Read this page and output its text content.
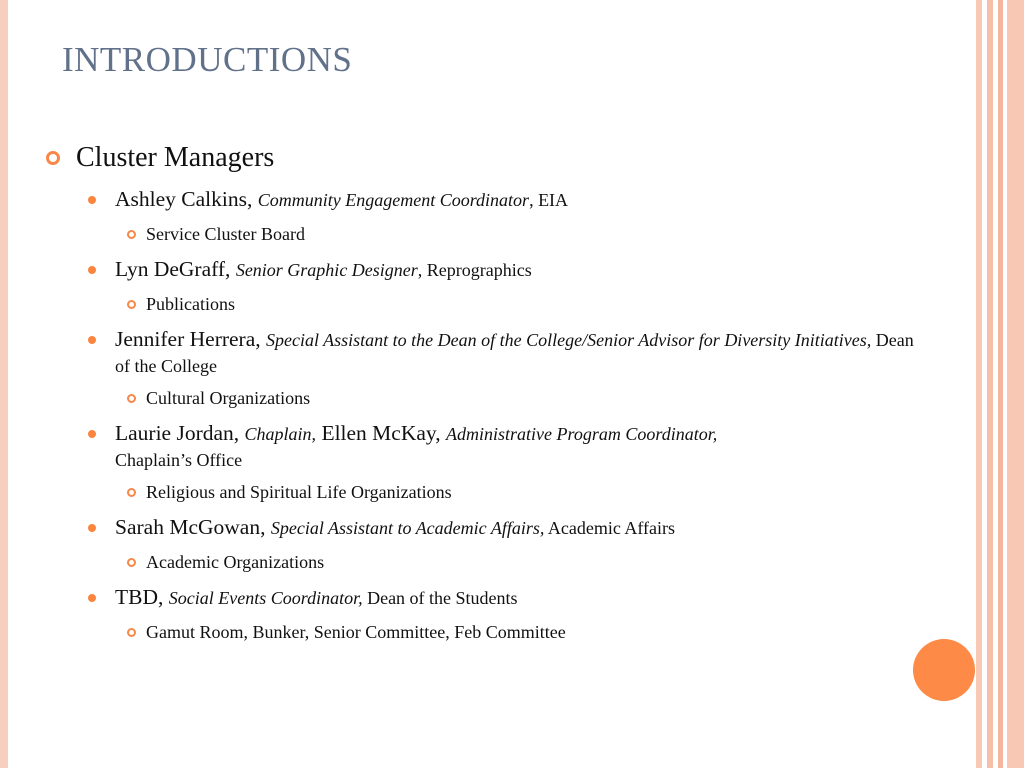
INTRODUCTIONS

Cluster Managers

Ashley Calkins, Community Engagement Coordinator, EIA

Service Cluster Board

Lyn DeGraff, Senior Graphic Designer, Reprographics

Publications

Jennifer Herrera, Special Assistant to the Dean of the College/Senior Advisor for Diversity Initiatives, Dean of the College

Cultural Organizations

Laurie Jordan, Chaplain, Ellen McKay, Administrative Program Coordinator,
Chaplain’s Office

Religious and Spiritual Life Organizations

Sarah McGowan, Special Assistant to Academic Affairs, Academic Affairs

Academic Organizations

TBD, Social Events Coordinator, Dean of the Students

Gamut Room, Bunker, Senior Committee, Feb Committee
